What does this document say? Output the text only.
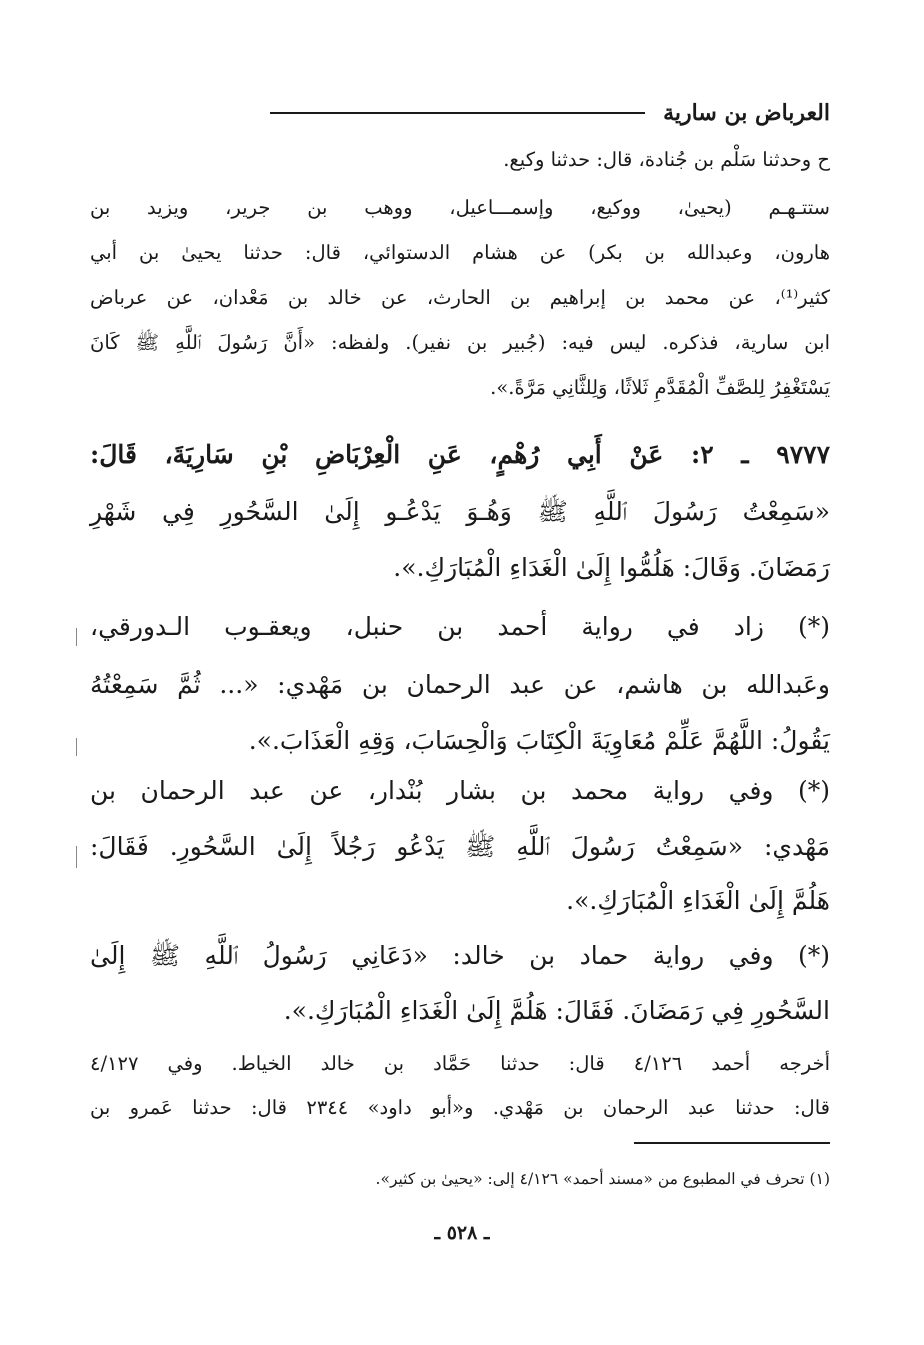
العرباض بن سارية
ح وحدثنا سَلْم بن جُنادة، قال: حدثنا وكيع.
ستتـهـم (يحيىٰ، ووكيع، وإسمـــاعيل، ووهب بن جرير، ويزيد بن
هارون، وعبدالله بن بكر) عن هشام الدستوائي، قال: حدثنا يحيىٰ بن أبي
كثير⁽¹⁾، عن محمد بن إبراهيم بن الحارث، عن خالد بن مَعْدان، عن عرباض
ابن سارية، فذكره. ليس فيه: (جُبير بن نفير). ولفظه: «أَنَّ رَسُولَ ٱللَّهِ ﷺ كَانَ
يَسْتَغْفِرُ لِلصَّفِّ الْمُقَدَّمِ ثَلاثًا، وَلِلثَّانِي مَرَّةً.».
٩٧٧٧ ـ ٢: عَنْ أَبِي رُهْمٍ، عَنِ الْعِرْبَاضِ بْنِ سَارِيَةَ، قَالَ:
«سَمِعْتُ رَسُولَ ٱللَّهِ ﷺ وَهُـوَ يَدْعُـو إِلَىٰ السَّحُورِ فِي شَهْرِ
رَمَضَانَ. وَقَالَ: هَلُمُّوا إِلَىٰ الْغَدَاءِ الْمُبَارَكِ.».
(*) زاد في رواية أحمد بن حنبل، ويعقـوب الـدورقي،
وعَبدالله بن هاشم، عن عبد الرحمان بن مَهْدي: «... ثُمَّ سَمِعْتُهُ
يَقُولُ: اللَّهُمَّ عَلِّمْ مُعَاوِيَةَ الْكِتَابَ وَالْحِسَابَ، وَقِهِ الْعَذَابَ.».
(*) وفي رواية محمد بن بشار بُنْدار، عن عبد الرحمان بن
مَهْدي: «سَمِعْتُ رَسُولَ ٱللَّهِ ﷺ يَدْعُو رَجُلاً إِلَىٰ السَّحُورِ. فَقَالَ:
هَلُمَّ إِلَىٰ الْغَدَاءِ الْمُبَارَكِ.».
(*) وفي رواية حماد بن خالد: «دَعَانِي رَسُولُ ٱللَّهِ ﷺ إِلَىٰ
السَّحُورِ فِي رَمَضَانَ. فَقَالَ: هَلُمَّ إِلَىٰ الْغَدَاءِ الْمُبَارَكِ.».
أخرجه أحمد ٤/١٢٦ قال: حدثنا حَمَّاد بن خالد الخياط. وفي ٤/١٢٧
قال: حدثنا عبد الرحمان بن مَهْدي. و«أبو داود» ٢٣٤٤ قال: حدثنا عَمرو بن
(١) تحرف في المطبوع من «مسند أحمد» ٤/١٢٦ إلى: «يحيىٰ بن كثير».
ـ ٥٢٨ ـ
